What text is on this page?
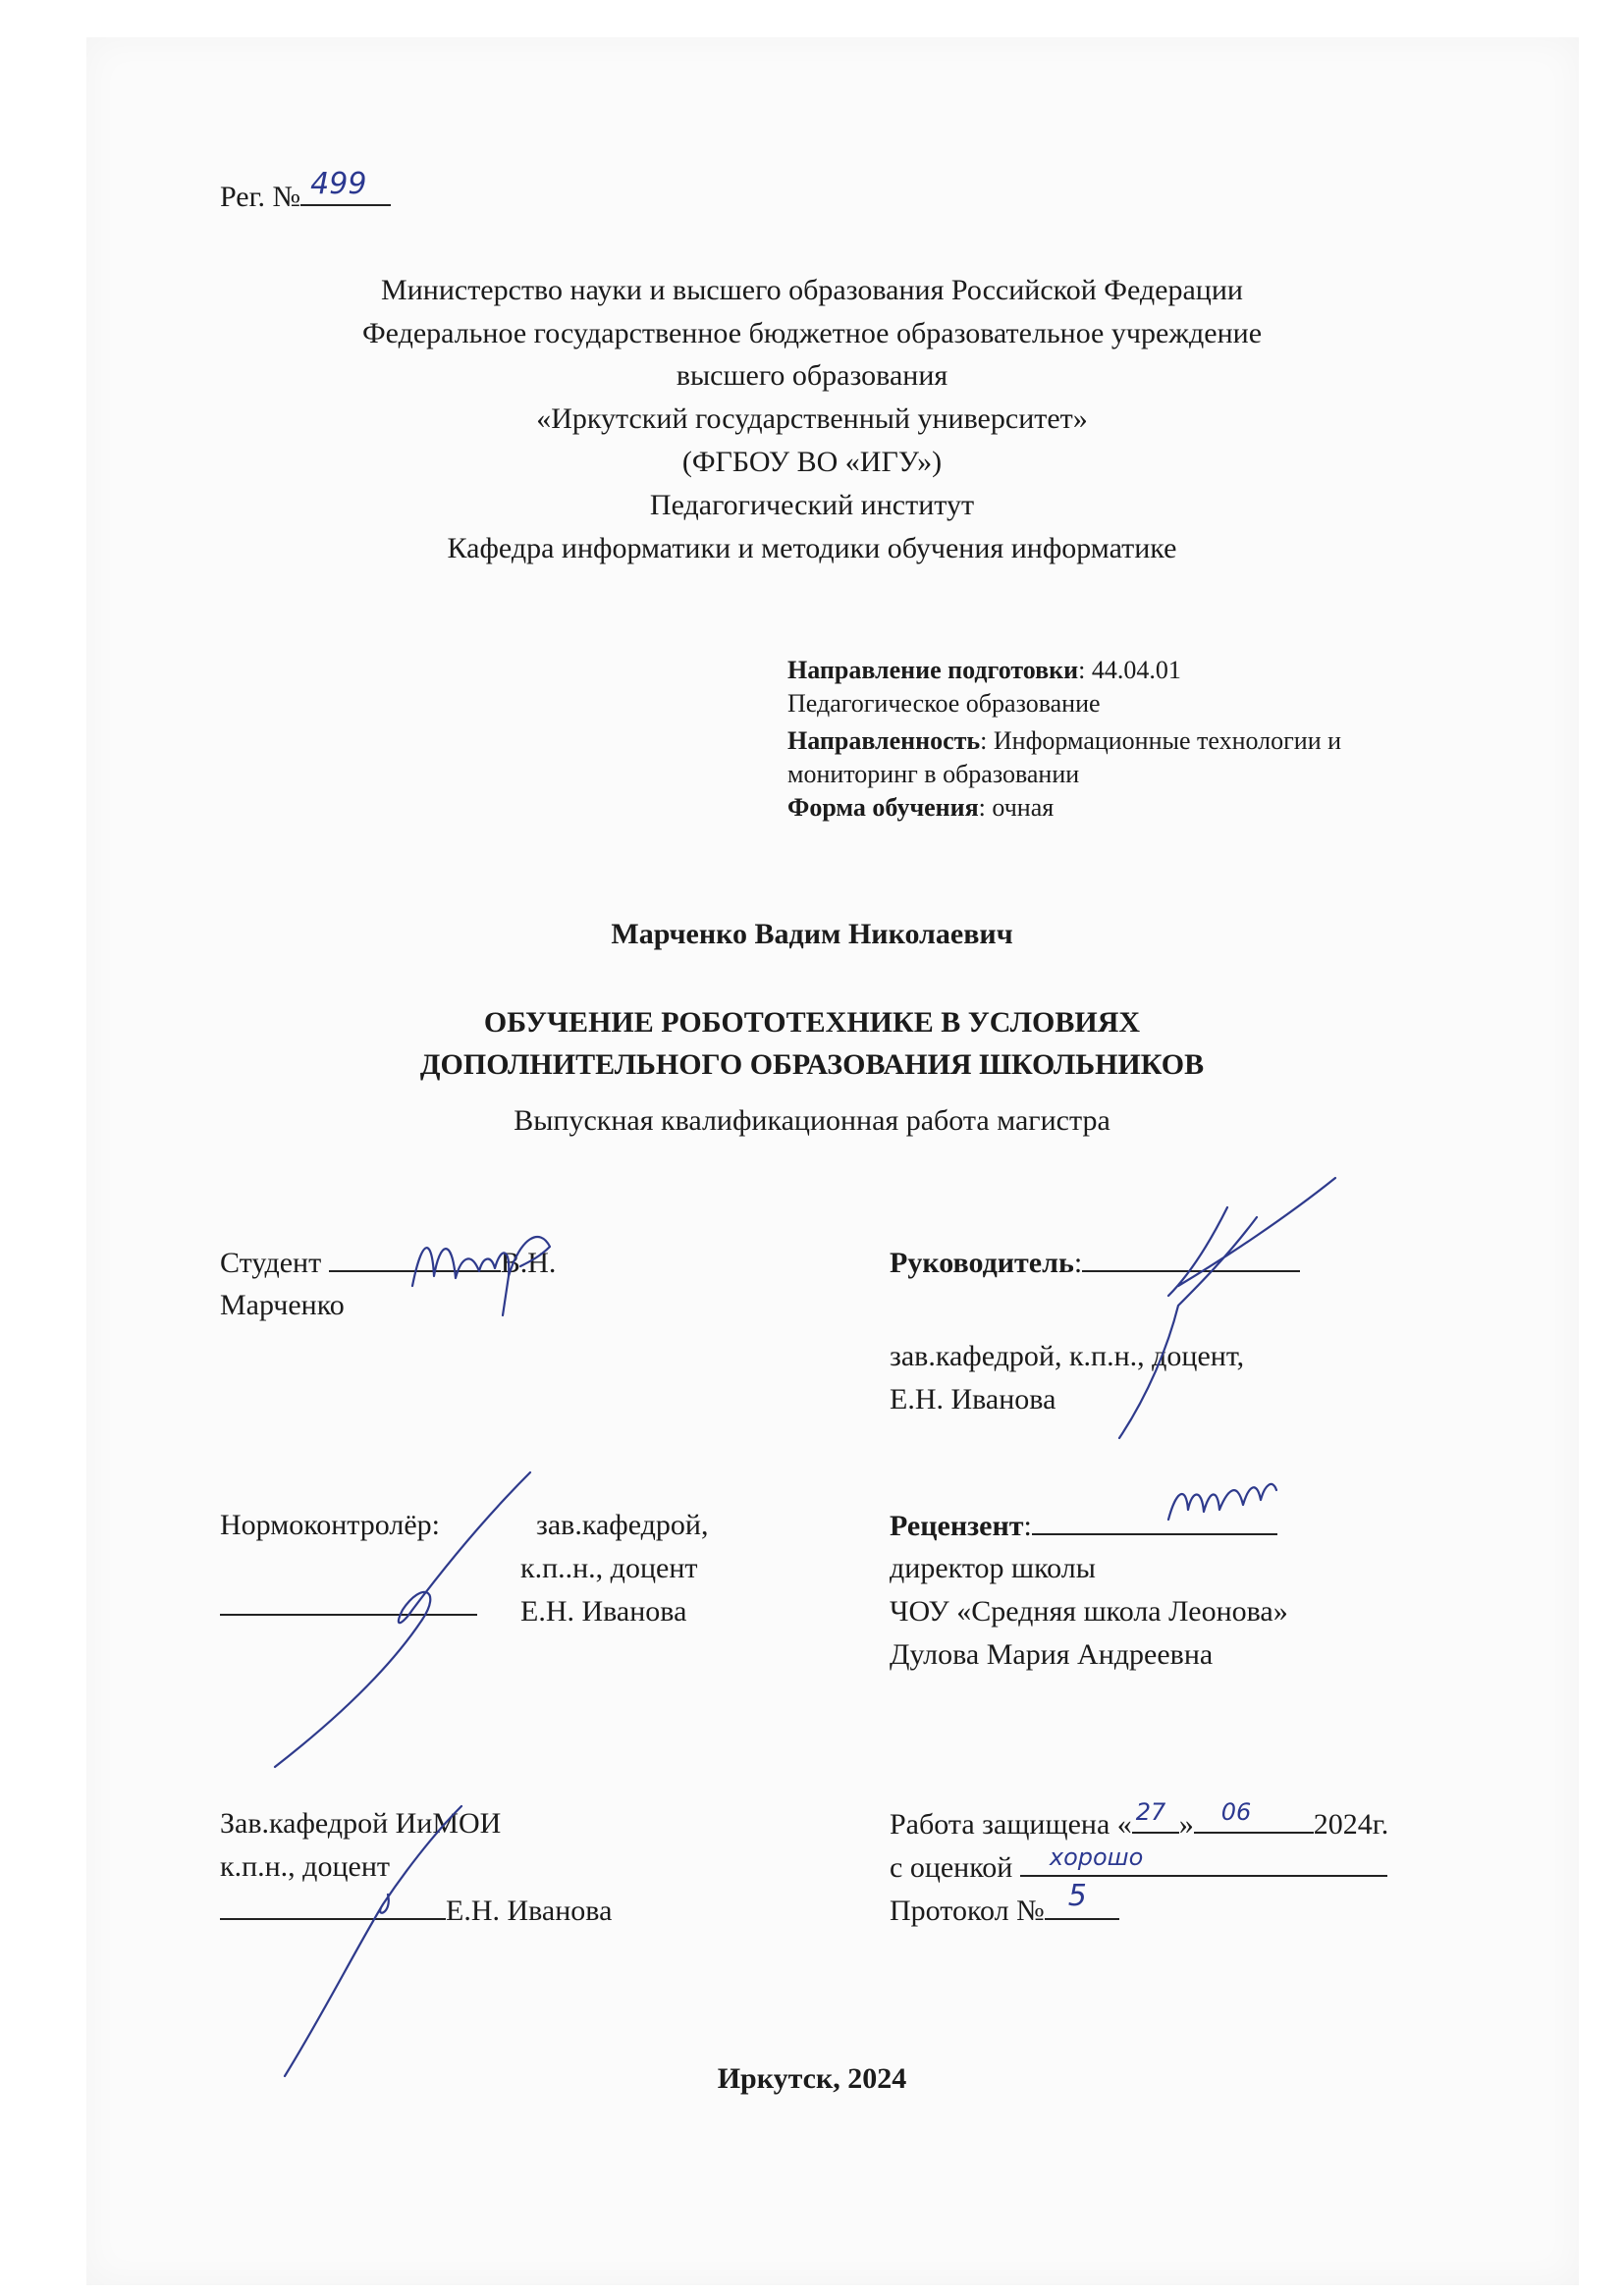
Рег. № 499
Министерство науки и высшего образования Российской Федерации
Федеральное государственное бюджетное образовательное учреждение
высшего образования
«Иркутский государственный университет»
(ФГБОУ ВО «ИГУ»)
Педагогический институт
Кафедра информатики и методики обучения информатике
Направление подготовки: 44.04.01
Педагогическое образование
Направленность: Информационные технологии и
мониторинг в образовании
Форма обучения: очная
Марченко Вадим Николаевич
ОБУЧЕНИЕ РОБОТОТЕХНИКЕ В УСЛОВИЯХ
ДОПОЛНИТЕЛЬНОГО ОБРАЗОВАНИЯ ШКОЛЬНИКОВ
Выпускная квалификационная работа магистра
Студент	В.Н.
Марченко
Руководитель:
зав.кафедрой, к.п.н., доцент,
Е.Н. Иванова
Нормоконтролёр:	зав.кафедрой,
к.п..н., доцент
Е.Н. Иванова
Рецензент:
директор школы
ЧОУ «Средняя школа Леонова»
Дулова Мария Андреевна
Зав.кафедрой ИиМОИ
к.п.н., доцент
Е.Н. Иванова
Работа защищена « 27 » 06 2024г.
с оценкой хорошо
Протокол № 5
Иркутск, 2024
